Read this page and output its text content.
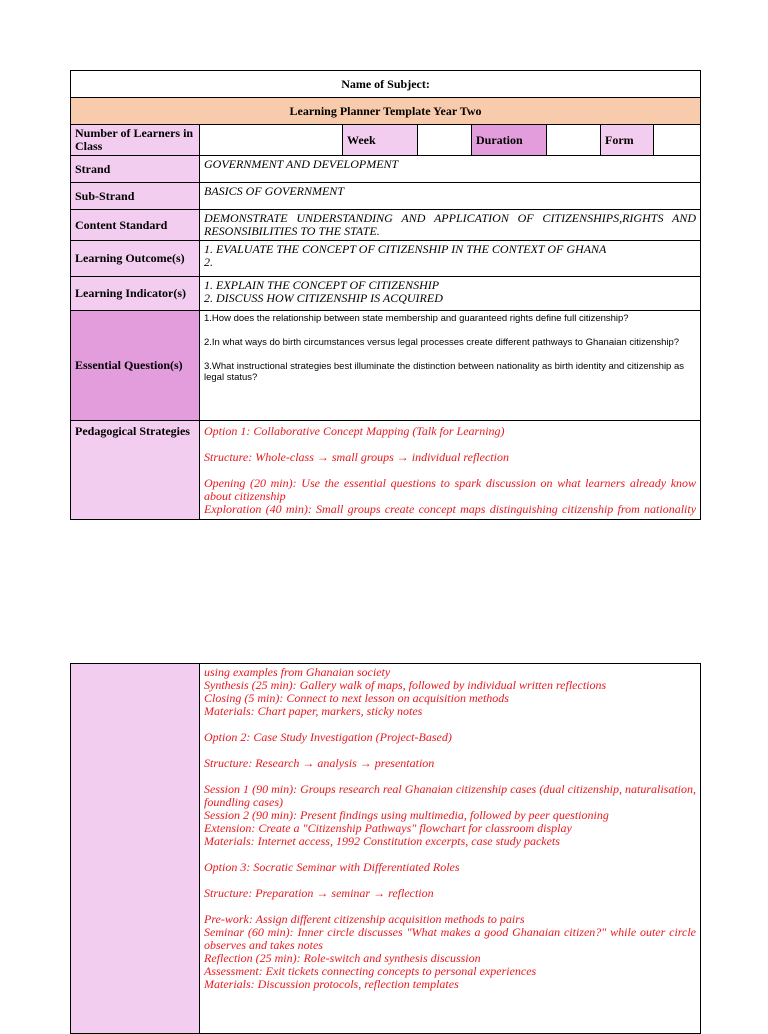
Name of Subject:							
Learning Planner Template Year Two							
Number of Learners in Class		Week		Duration		Form	
Strand	GOVERNMENT AND DEVELOPMENT						
Sub-Strand	BASICS OF GOVERNMENT						
Content Standard	DEMONSTRATE UNDERSTANDING AND APPLICATION OF CITIZENSHIPS,RIGHTS AND
RESONSIBILITIES TO THE STATE.						

Learning Outcome(s)	1. EVALUATE THE CONCEPT OF CITIZENSHIP IN THE CONTEXT OF GHANA
2.						

Learning Indicator(s)	1. EXPLAIN THE CONCEPT OF CITIZENSHIP
2. DISCUSS HOW CITIZENSHIP IS ACQUIRED						

Essential Question(s)	1.How does the relationship between state membership and guaranteed rights define full citizenship?
2.In what ways do birth circumstances versus legal processes create different pathways to Ghanaian citizenship?
3.What instructional strategies best illuminate the distinction between nationality as birth identity and citizenship as legal status?						

Pedagogical Strategies	Option 1: Collaborative Concept Mapping (Talk for Learning)

Structure: Whole-class → small groups → individual reflection

Opening (20 min): Use the essential questions to spark discussion on what learners already know about citizenship

Exploration (40 min): Small groups create concept maps distinguishing citizenship from nationality						

using examples from Ghanaian society

Synthesis (25 min): Gallery walk of maps, followed by individual written reflections

Closing (5 min): Connect to next lesson on acquisition methods

Materials: Chart paper, markers, sticky notes

Option 2: Case Study Investigation (Project-Based)

Structure: Research → analysis → presentation

Session 1 (90 min): Groups research real Ghanaian citizenship cases (dual citizenship, naturalisation, foundling cases)

Session 2 (90 min): Present findings using multimedia, followed by peer questioning

Extension: Create a "Citizenship Pathways" flowchart for classroom display

Materials: Internet access, 1992 Constitution excerpts, case study packets

Option 3: Socratic Seminar with Differentiated Roles

Structure: Preparation → seminar → reflection

Pre-work: Assign different citizenship acquisition methods to pairs

Seminar (60 min): Inner circle discusses "What makes a good Ghanaian citizen?" while outer circle observes and takes notes

Reflection (25 min): Role-switch and synthesis discussion

Assessment: Exit tickets connecting concepts to personal experiences

Materials: Discussion protocols, reflection templates
